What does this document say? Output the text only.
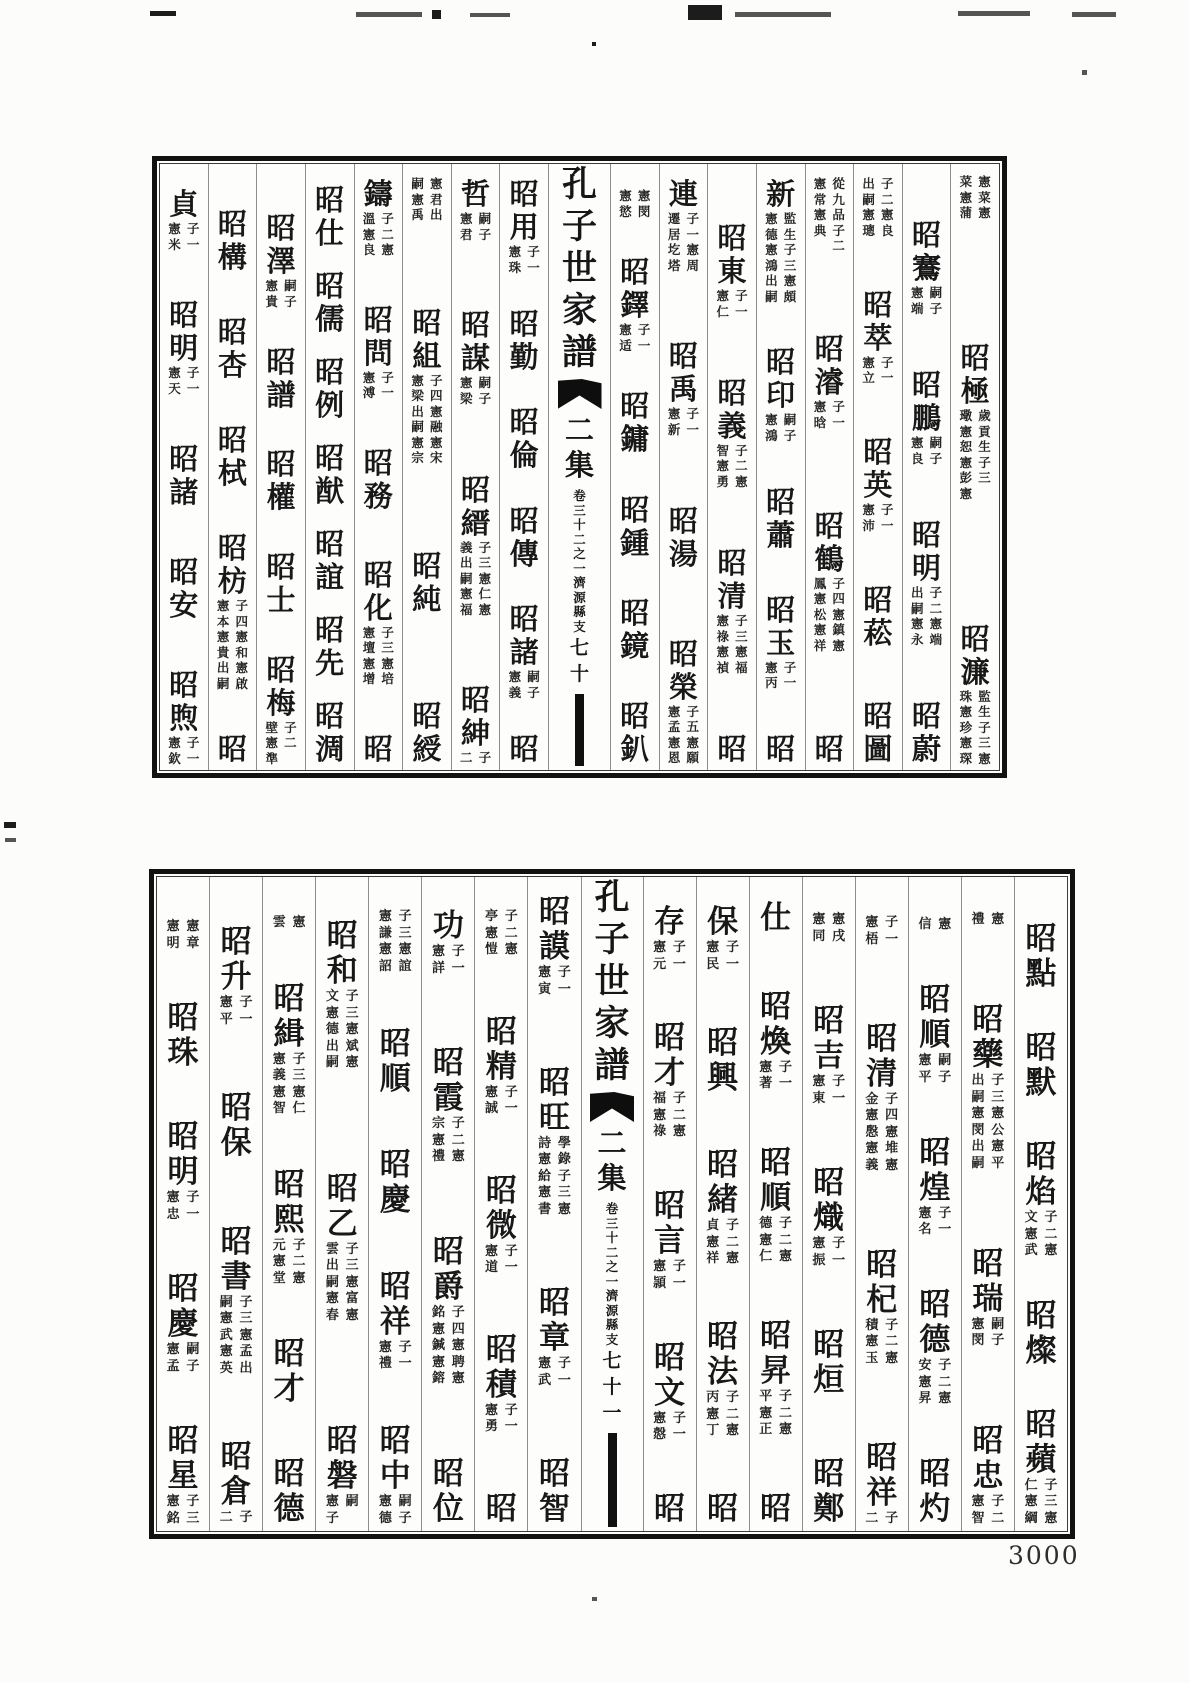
菜 憲
憲 菜
蒲 憲
昭
極
璥 歲
憲 貢
恕 生
憲 子
彭 三
憲
昭
濂
珠 監
憲 生
珍 子
憲 三
琛 憲
昭
鶱
憲 嗣
端 子
昭
鵬
憲 嗣
良 子
昭
明
出 子
嗣 二
憲 憲
永 端
昭
蔚
出 子
嗣 二
憲 憲
璁 良
昭
萃
憲 子
立 一
昭
英
憲 子
沛 一
昭
菘
昭
圖
憲 從
常 九
憲 品
典 子
二
昭
濬
憲 子
晗 一
昭
鶴
鳳 子
憲 四
松 憲
憲 鎮
祥 憲
昭
新
憲 監
德 生
憲 子
鴻 三
出 憲
嗣 頗
昭
印
憲 嗣
鴻 子
昭
蕭
昭
玉
憲 子
丙 一
昭
昭
東
憲 子
仁 一
昭
義
智 子
憲 二
勇 憲
昭
清
憲 子
祿 三
憲 憲
禎 福
昭
連
遷 子
居 一
圪 憲
塔 周
昭
禹
憲 子
新 一
昭
湯
昭
榮
憲 子
孟 五
憲 憲
恩 願
憲 憲
慾 閔
昭
鐸
憲 子
适 一
昭
鏞
昭
鍾
昭
鏡
昭
釟
孔
子
世
家
譜
二
集
卷
三
十
二
之
一
濟
源
縣
支
七
十
昭
用
憲 子
珠 一
昭
勤
昭
倫
昭
傳
昭
諸
憲 嗣
義 子
昭
哲
憲 嗣
君 子
昭
謀
憲 嗣
梁 子
昭
縉
義 子
出 三
嗣 憲
憲 仁
福 憲
昭
紳
二 子
嗣 憲
憲 君
禹 出
昭
組
憲 子
梁 四
出 憲
嗣 融
憲 憲
宗 宋
昭
純
昭
綬
鑄
溫 子
憲 二
良 憲
昭
問
憲 子
溥 一
昭
務
昭
化
憲 子
壇 三
憲 憲
增 培
昭
昭
仕
昭
儒
昭
例
昭
猷
昭
誼
昭
先
昭
淍
昭
澤
憲 嗣
貴 子
昭
譜
昭
權
昭
士
昭
梅
壁 子
憲 二
準
昭
構
昭
杏
昭
栻
昭
枋
憲 子
本 四
憲 憲
貴 和
出 憲
嗣 啟
昭
貞
憲 子
米 一
昭
明
憲 子
天 一
昭
諸
昭
安
昭
煦
憲 子
欽 一
昭
點
昭
默
昭
焰
文 子
憲 二
武 憲
昭
燦
昭
蘋
仁 子
憲 三
綱 憲
禮 憲
昭
藥
出 子
嗣 三
憲 憲
閔 公
出 憲
嗣 平
昭
瑞
憲 嗣
閔 子
昭
忠
憲 子
智 二
信 憲
昭
順
憲 嗣
平 子
昭
煌
憲 子
名 一
昭
德
安 子
憲 二
昇 憲
昭
灼
憲 子
梧 一
昭
清
金 子
憲 四
慇 憲
憲 堆
義 憲
昭
杞
積 子
憲 二
玉 憲
昭
祥
二 子
憲 憲
同 戌
昭
吉
憲 子
東 一
昭
熾
憲 子
振 一
昭
烜
昭
鄭
仕
昭
煥
憲 子
著 一
昭
順
德 子
憲 二
仁 憲
昭
昇
平 子
憲 二
正 憲
昭
保
憲 子
民 一
昭
興
昭
緒
貞 子
憲 二
祥 憲
昭
法
丙 子
憲 二
丁 憲
昭
存
憲 子
元 一
昭
才
福 子
憲 二
祿 憲
昭
言
憲 子
頴 一
昭
文
憲 子
慤 一
昭
孔
子
世
家
譜
二
集
卷
三
十
二
之
一
濟
源
縣
支
七
十
一
昭
謨
憲 子
寅 一
昭
旺
詩 學
憲 錄
給 子
憲 三
書 憲
昭
章
憲 子
武 一
昭
智
亭 子
憲 二
愷 憲
昭
精
憲 子
誠 一
昭
微
憲 子
道 一
昭
積
憲 子
勇 一
昭
功
憲 子
詳 一
昭
霞
宗 子
憲 二
禮 憲
昭
爵
銘 子
憲 四
鍼 憲
憲 聘
鎔 憲
昭
位
憲 子
謙 三
憲 憲
詔 誼
昭
順
昭
慶
昭
祥
憲 子
禮 一
昭
中
憲 嗣
德 子
昭
和
文 子
憲 三
德 憲
出 斌
嗣 憲
昭
乙
雲 子
出 三
嗣 憲
憲 富
春 憲
昭
磐
憲 嗣
子
雲 憲
昭
緝
憲 子
義 三
憲 憲
智 仁
昭
熙
元 子
憲 二
堂 憲
昭
才
昭
德
昭
升
憲 子
平 一
昭
保
昭
書
嗣 子
憲 三
武 憲
憲 孟
英 出
昭
倉
二 子
憲 憲
明 章
昭
珠
昭
明
憲 子
忠 一
昭
慶
憲 嗣
孟 子
昭
星
憲 子
銘 三
3000
